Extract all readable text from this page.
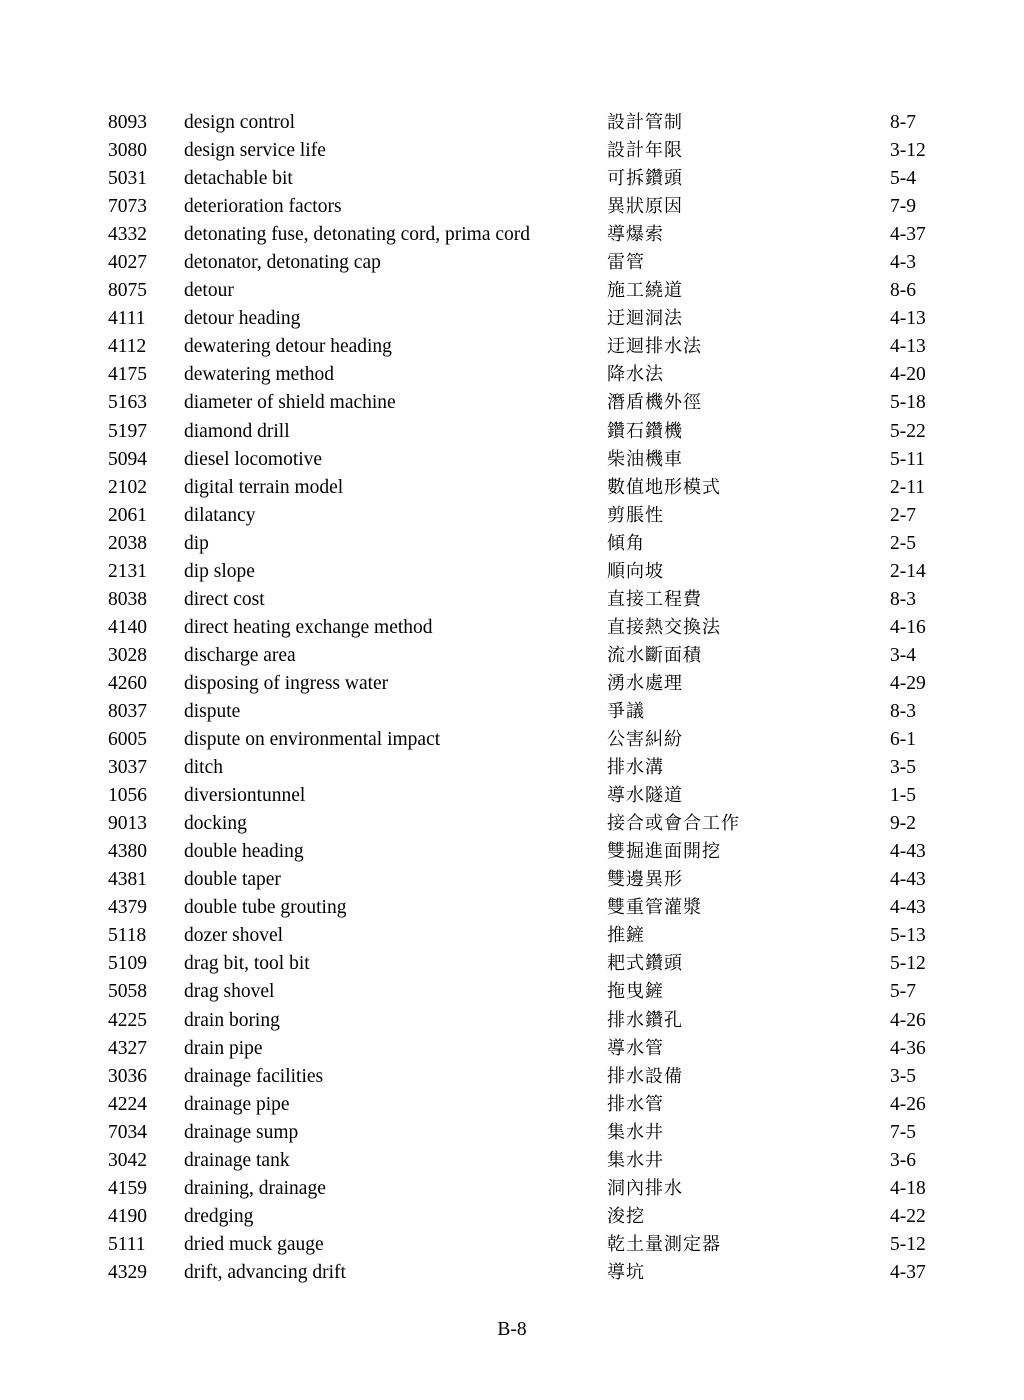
8093 design control	設計管制	8-7
3080 design service life	設計年限	3-12
5031 detachable bit	可拆鑽頭	5-4
7073 deterioration factors	異狀原因	7-9
4332 detonating fuse, detonating cord, prima cord	導爆索	4-37
4027 detonator, detonating cap	雷管	4-3
8075 detour	施工繞道	8-6
4111 detour heading	迂迴洞法	4-13
4112 dewatering detour heading	迂迴排水法	4-13
4175 dewatering method	降水法	4-20
5163 diameter of shield machine	潛盾機外徑	5-18
5197 diamond drill	鑽石鑽機	5-22
5094 diesel locomotive	柴油機車	5-11
2102 digital terrain model	數值地形模式	2-11
2061 dilatancy	剪脹性	2-7
2038 dip	傾角	2-5
2131 dip slope	順向坡	2-14
8038 direct cost	直接工程費	8-3
4140 direct heating exchange method	直接熱交換法	4-16
3028 discharge area	流水斷面積	3-4
4260 disposing of ingress water	湧水處理	4-29
8037 dispute	爭議	8-3
6005 dispute on environmental impact	公害糾紛	6-1
3037 ditch	排水溝	3-5
1056 diversiontunnel	導水隧道	1-5
9013 docking	接合或會合工作	9-2
4380 double heading	雙掘進面開挖	4-43
4381 double taper	雙邊異形	4-43
4379 double tube grouting	雙重管灌漿	4-43
5118 dozer shovel	推鏟	5-13
5109 drag bit, tool bit	耙式鑽頭	5-12
5058 drag shovel	拖曳鏟	5-7
4225 drain boring	排水鑽孔	4-26
4327 drain pipe	導水管	4-36
3036 drainage facilities	排水設備	3-5
4224 drainage pipe	排水管	4-26
7034 drainage sump	集水井	7-5
3042 drainage tank	集水井	3-6
4159 draining, drainage	洞內排水	4-18
4190 dredging	浚挖	4-22
5111 dried muck gauge	乾土量測定器	5-12
4329 drift, advancing drift	導坑	4-37
B-8
